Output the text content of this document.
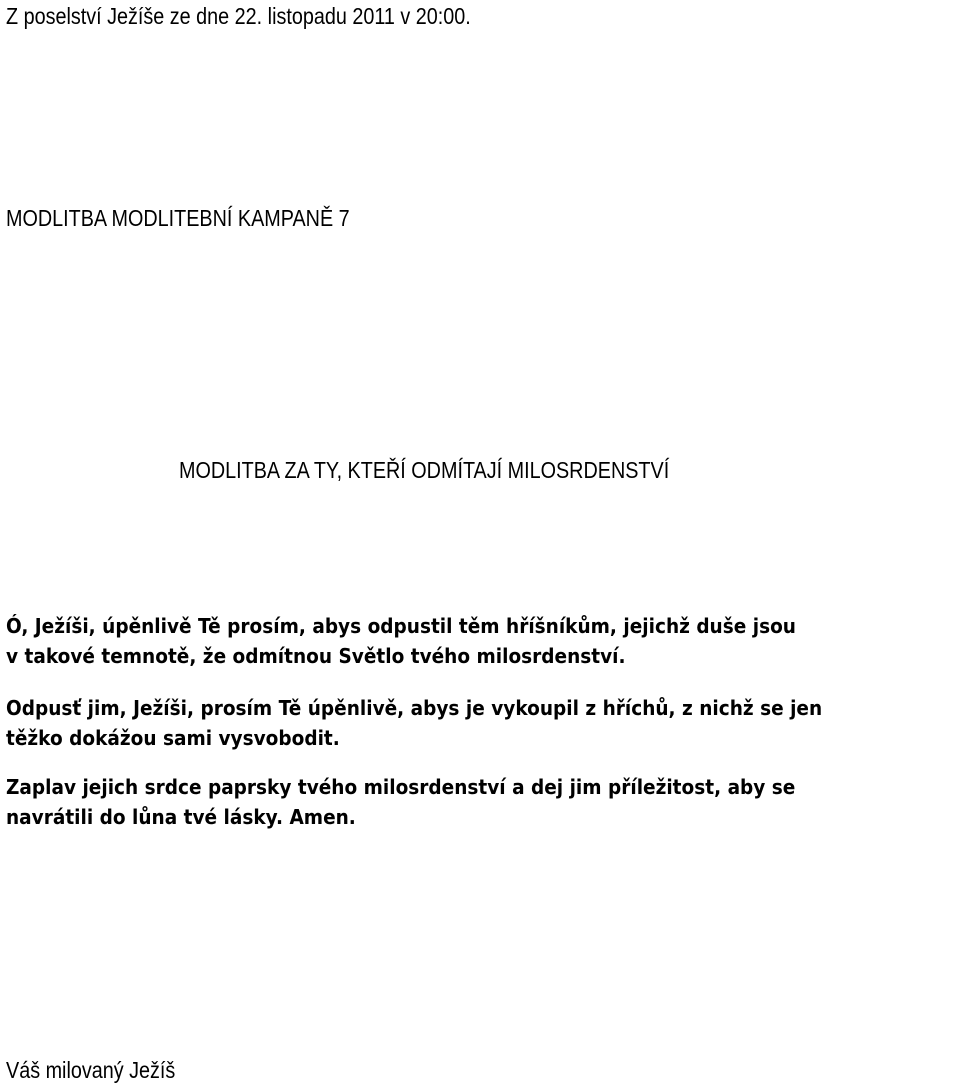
Z poselství Ježíše ze dne 22. listopadu 2011 v 20:00.
MODLITBA MODLITEBNÍ KAMPANĚ 7
MODLITBA ZA TY, KTEŘÍ ODMÍTAJÍ MILOSRDENSTVÍ

Ó, Ježíši, úpěnlivě Tě prosím, abys odpustil těm hříšníkům, jejichž duše jsou
v takové temnotě, že odmítnou Světlo tvého milosrdenství.

Odpusť jim, Ježíši, prosím Tě úpěnlivě, abys je vykoupil z hříchů, z nichž se jen
těžko dokážou sami vysvobodit.

Zaplav jejich srdce paprsky tvého milosrdenství a dej jim příležitost, aby se
navrátili do lůna tvé lásky. Amen.

Váš milovaný Ježíš
